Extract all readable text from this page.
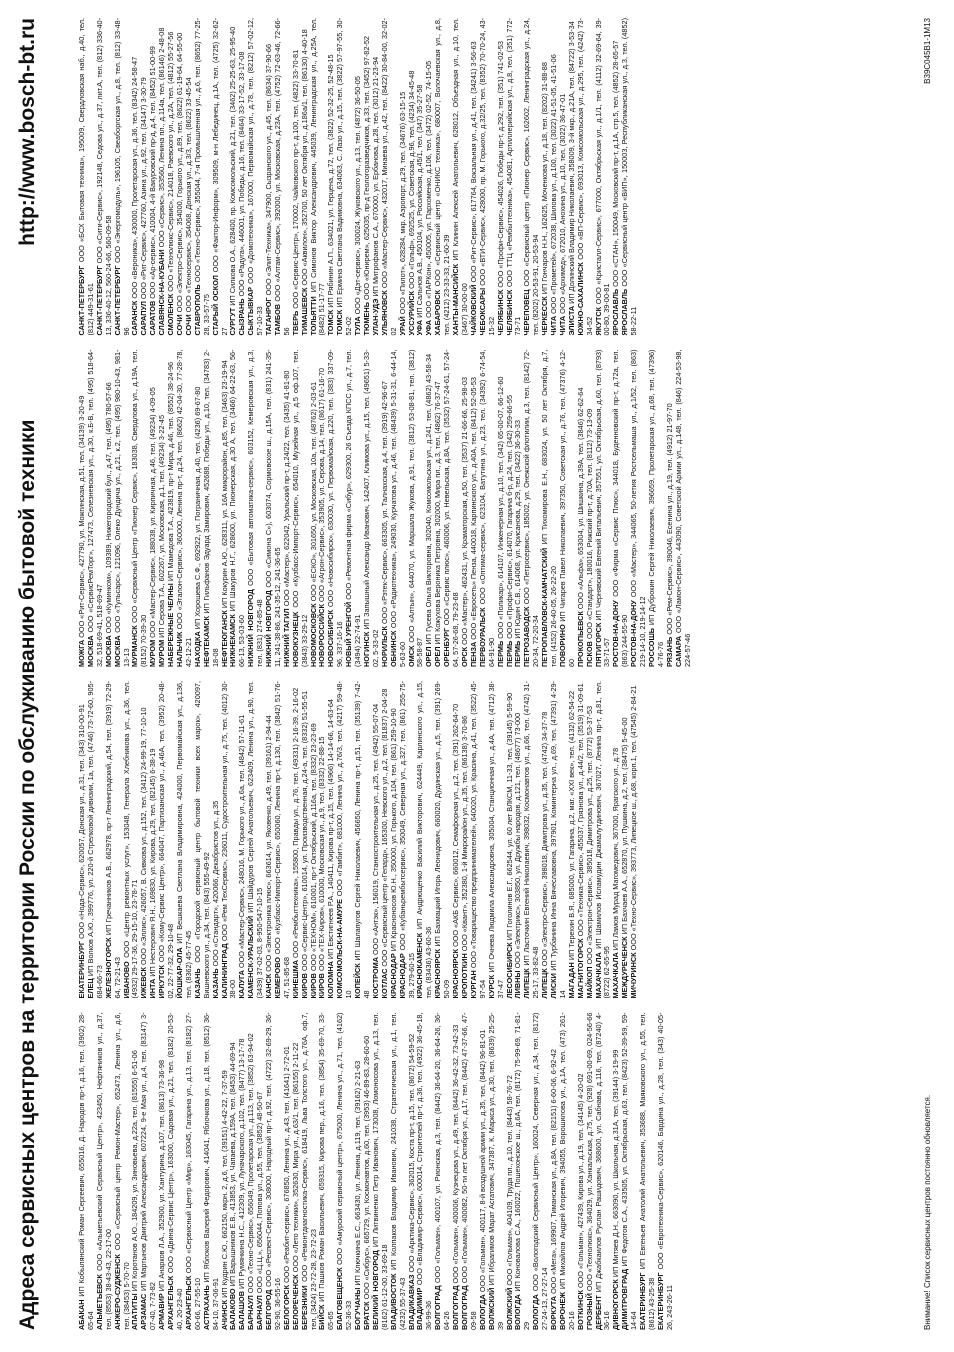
Адреса сервисных центров на территории России по обслуживанию бытовой техники
http://www.bosch-bt.ru

АБАКАН ИП Кобылянский Роман Сергеевич, 655016, Д. Народов пр-т, д.16, тел. (3902) 28-65-64 АЛЬМЕТЬЕВСК ООО «Альметьевский Сервисный Центр», 423450, Нефтяников ул., д.37, тел. (8553) 38-43-43, 22-17-00 АНЖЕРО-СУДЖЕНСК ООО «Сервисный центр Ремон-Мастер», 652473, Ленина ул., д.6, тел. (38453) 5-70-70 АПАТИТЫ ИП Коротанов А.Ю., 184209, ул. Зиновьева, д.22а, тел. (81555) 6-51-06

АРЗАМАС ИП Мартынов Дмитрий Александрович, 607224, 9-е Мая ул., д.4, тел. (83147) 3-07-40, 7-73-82 АРМАВИР ИП Анарков Л.А., 352900, ул. Хантурина, д.107, тел. (8613) 73-36-98

АРХАНГЕЛЬСК ООО «Двина-Сервис Центр», 163000, Садовая ул., д.21, тел. (8182) 20-53-40, 20-23-40 АРХАНГЕЛЬСК ООО «Сервисный Центр «Мир», 163045, Гагарина ул., д.13, тел. (8182) 27-60-66, 27-55-10 АСТРАХАНЬ ИП Яблоков Валерий Федорович, 414041, Яблочкова ул., д.18, тел. (8512) 36-84-10, 37-06-91 АЧИНСК ИП Кудрин С.Ю., 662150, мкрн. 2, д.6, тел. (39151) 4-42-22, 7-37-59

БАЛАКОВО ИП Варышников Е.В., 413853, ул. Чапаева, д.159А, тел. (8453) 44-69-94

БАЛАШОВ ИП Румянкина Н.С., 412309, ул. Луначарского, д.102, тел. (8477) 13-17-78

БАРНАУЛ ООО «Техно-Сервис», 656049, Пролетарская ул., д.113, тел. (3852) 63-94-02

БАРНАУЛ ООО «Ц.Ц.», 656044, Попова ул., д.55, тел. (3852) 48-50-67

БЕЛГОРОД ООО «Респект-Сервис», 308000, Народный пр-т, д.92, тел. (4722) 32-69-29, 36-92-90, 36-55-16 БЕЛОГОРСК ООО «Реабит-сервис», 676850, Ленина ул., д.43, тел. (41641) 2-72-01

БЕЛОРЕЧЕНСК ООО «Лето техники», 352630, Мира ул., д.63/1, тел. (86155) 2-11-22

БЕРЕЗНИКИ ООО «Ремонтдиагностика-Сервис», 618419, Льва Толстого ул., д.76А, оф.7, тел. (3424) 23-72-28, 23-72-23 БИЙСК ИП Пашков Роман Васильевич, 659315, Кирова пер., д.16, тел. (3854) 35-69-70, 33-65-65 БЛАГОВЕЩЕНСК ООО «Амурский сервисный центр», 675000, Ленина ул., д.71, тел. (4162) 52-36-33 БОГУЧАНЫ ИП Ключкина Е.С., 663430, ул. Ленина, д.119, тел. (39162) 2-21-63

БРАТСК ООО «Сибрус», 665729, ул. Космонавтов, д.60, тел. (3953) 46-89-83, 28-60-60 ВЕЛИКИЙ НОВГОРОД ИП Литвиненко Петр Иванович, 173008, Ломоносова ул., д.13, тел. (8162) 61-12-00, 33-69-18 ВЛАДИВОСТОК ИП Колпаков Владимир Иванович, 241038, Стратегическая ул., д.1, тел. (4232) 55-37-43 ВЛАДИКАВКАЗ ООО «Арктика-Сервис», 362015, Коста пр-т, д.15, тел. (8672) 54-59-52

ВЛАДИМИР ООО «Владимир-Сервис», 600014, Строителей пр-т, д.36, тел. (4922) 36-45-18, 36-99-36 ВОЛГОГРАД ООО «Гольман», 400107, ул. Рионская, д.3, тел. (8442) 36-64-20, 36-64-26, 36-64-26 ВОЛГОГРАД ООО «Гольман», 400006, Кузнецова ул., д.49, тел. (8442) 36-42-32, 73-42-33

ВОЛГОГРАД ООО «Гольман», 400082, 50-ти лет Октября ул., д.17, тел. (8442) 47-37-66, 47-09-58 ВОЛОГДА ООО «Гольман», 400117, 8-й воздушной армии ул., д.35, тел. (8442) 96-81-01

ВОЛЖСКИЙ ИП Ибрагимов Марат Асгатович, 347387, К. Маркса ул., д.30, тел. (8639) 25-25-39 ВОЛЖСКИЙ ООО «Гольман», 404109, Труда пл., д.10, тел. (8443) 58-76-72

ВОЛОГДА ИП Коновалова С.А., 160022, Пошехонское ш., д.6А, тел. (8172) 75-99-69, 71-81-29 ВОЛОГДА ООО «Вологодский Сервисный Центр», 160024, Северная ул., д.34, тел. (8172) 27-24-13, 27-27-14 ВОРКУТА ООО «Мега», 169907, Тиманская ул., д.8А, тел. (82151) 6-60-06, 6-92-42

ВОРОНЕЖ ИП Михайлов Андрей Игоревич, 394055, Ворошилова ул., д.1А, тел. (473) 261-20-16 ВОТКИНСК ООО «Гольман», 427439, Кирова ул., д.19, тел. (34145) 4-20-02

ГРОЗНЫЙ ООО «Технолюкс», 364029, ул. Ханкальская, д.75, тел. (928) 691-00-69, 024-56-66

ДЕРБЕНТ ИП Джабкаилов Руслан Рашидович, 368600, ул. Сабнава, д.116, тел. (87240) 4-36-16 ДИВНОГОРСК ИП Митяев Д.Н., 663090, ул. Школьная, д.31А, тел. (39144) 3-19-99

ДИМИТРОВГРАД ИП Федотов С.А., 433505, ул. Октябрьская, д.63, тел. (8423) 52-39-59, 59-14-64 ЕКАТЕРИНБУРГ ИП Евгеньев Анатолий Анатольевич, 353688, Маяковского ул., д.55, тел. (8612) 43-25-38 ЕКАТЕРИНБУРГ ООО «Евротехника-Сервис», 620146, Бардина ул., д.28, тел. (343) 40-05-26, 243-26-11

ЕКАТЕРИНБУРГ ООО «Нода-Сервис», 620057, Донская ул., д.31, тел. (343) 310-00-91

ЕЛЕЦ ИП Волков А.Ю., 399776, ул. 220-й Стрелковой дивизии, 1а, тел. (4746) 73-72-60, 905-684-66-73 ЖЕЛЕЗНОГОРСК ИП Гречанников А.В., 662978, пр-т Ленинградский, д.54, тел. (3919) 72-29-64, 72-21-43 ИВАНОВО ООО «Центр ремонтных услуг», 153048, Генерала Хлебникова ул., д.36, тел. (4932) 29-17-36, 29-15-10, 23-78-71 ИЖЕВСК ООО «Эллис», 426057, В. Сивкова ул., д.152, тел. (3412) 24-99-19, 77-10-10

ИНТА ИП Нестерович Я.Н., 169830, ул. Кирова, д.29, тел. (82145) 6-38-19

ИРКУТСК ООО «Кому-Сервис Центр», 664047, Партизанская ул., д.46А, тел. (3952) 20-48-02, 22-77-32, 29-10-48 ЙОШКАР-ОЛА ИП Вешкаева Светлана Владимировна, 424000, Первомайская ул., д.136, тел. (8362) 45-77-45 КАЗАНЬ ООО «Городской сервисный центр бытовой техники всех марок», 420097, Вишневского ул., д.34, тел. (843) 555-49-92 КАЗАНЬ ООО «Стандарт», 420066, Декабристов ул., д.35

КАЛИНИНГРАД ООО «Рем ТехСервис», 236011, Судостроительная ул., д.75, тел. (4012) 30-38-00 КАЛУГА ООО «Мастер-Сервис», 248016, М. Горького ул., д.6а, тел. (4842) 57-11-61 КАМЕНСК-УРАЛЬСКИЙ ИП Шайдуров Сергей Анатольевич, 623409, Ленина ул., д.90, тел. (3439) 37-02-03, 8-950-547-10-15 КАНСК ООО «Электроника плюс», 663614, ул. Яковенко, д.49, тел. (39161) 2-94-44

КЕМЕРОВО ООО «Кузбасс-Импорт-Сервис», 650060, Ленина пр-т, д.130, тел. (3842) 51-76-47, 51-85-68 КИНЕШМА ООО «Рембыттехника», 155800, Правды ул., д.76, тел. (49331) 2-16-39, 2-16-02

КИРОВ ООО «Сервис-Центр», 610014, ул. Производственная, д.24-а, тел. (8332) 51-55-51

КИРОВ ООО «ТЕХНОМ», 610001, пр-т Октябрьский, д.116а, тел. (8332) 23-23-69

КИРОВ ООО «ТЕХ-Киров», 610000, Московская ул., д.9, тел. (8332) 22-88-15

КОЛОМНА ИП Евстигнеев Р.А., 140411, Кирова пр-т, д.15, тел. (4966) 14-14-66, 14-63-64 КОМСОМОЛЬСК-НА-АМУРЕ ООО «Гамбит», 681000, Ленина ул., д.76/3, тел. (4217) 59-48-10 КОПЕЙСК ИП Шалапугов Сергей Николаевич, 456650, Ленина пр-т, д.51, тел. (35139) 7-42-48 КОСТРОМА ООО «Антэк», 156019, Станкостроительная ул., д.25, тел. (4942) 55-07-04

КОТЛАС ООО «Сервисный центр «Гепард», 165300, Невского ул., д.2, тел. (81837) 2-04-28

КРАСНОДАР ИП Красноносов Ю.Н., 350000, ул. Горького, д.104, тел. (861) 259-10-90

КРАСНОДАР ООО «Кубаньрембытсервис», 350049, Северная ул., д.327, тел. (861) 255-75-39, 279-60-15 КРАСНОКАМЕНСК ИП Андрющенко Василий Викторович, 624449, Карлинского ул., д.15, тел. (83436) 43-60-36 КРАСНОЯРСК ИП Бахмацкий Игорь Леонидович, 660020, Дудинская ул., д.5, тел. (391) 269-50-09 КРАСНОЯРСК ООО «АКБ Сервис», 660012, Семафорная ул., д.2, тел. (391) 262-64-70

КРОПОТКИН ООО «Квант», 352380, 1-й Микрорайон ул., д.35, тел. (86138) 3-70-86

КУРГАН ООО «Товарищество предпринимателей», 640020, ул. Красина, д.41, тел. (3522) 45-97-54 КУРСК ИП Очнева Людмила Александровна, 305004, Станционная ул., д.4А, тел. (4712) 38-37-47 ЛЕСОСИБИРСК ИП Гоголинов Е.Г., 662544, ул. 60 лет ВЛКСМ, 11-33, тел. (39145) 5-59-90

ЛИВНЫ ООО «Электрикс», 303850, ул. Дружбы народов, д.121, тел. (48677) 73-000

ЛИПЕЦК ИП Ласточкин Евгений Николаевич, 398032, Космонавтов ул., д.66, тел. (4742) 31-25-17, 33-82-48 ЛИПЕЦК ООО «Электро-Сервис», 398018, Димитрова ул., д.35, тел. (4742) 34-37-78

ЛИСКИ ИП Турбанина Инна Вячеславовна, 397901, Коминтерна ул., д.69, тел. (47391) 4-29-14 МАГАДАН ИП Терехин В.Я., 685000, ул. Гагарина, д.2, маг. «XXI век», тел. (4132) 62-54-22

МАГНИТОГОРСК ООО «Техника-Сервис», 455037, Грязнова ул., д.44/2, тел. (3519) 31-09-61

МАЙКОП ООО «Электрон-Сервис», 385018, Димитрова ул., д.25, тел. (8772) 53-37-53

МАХАЧКАЛА ИП Шамилов Исламудин Джамалутдинович, 367027, Ленина пр-т, д.81, тел. (8722) 62-65-95 МАХАЧКАЛА ИП Ламов Мурад Магомедович, 367000, Ярагского ул., д.78

МЕЖДУРЕЧЕНСК ИП Бахчаев А.А., 652870, ул. Пушкина, д.2, тел. (38475) 5-45-00

МИЧУРИНСК ООО «Техно-Сервис», 393773, Липецкое ш., д.68, корп.1, тел. (47545) 2-84-21

МОЖГА ООО «Рит-Сервис», 427790, ул. Можгинская, д.51, тел. (34139) 3-20-49

МОСКВА ООО «СервисРемТорг», 127473, Селезневская ул., д.30, к.Б-В, тел. (495) 518-64-32, 518-69-41, 518-69-47 МОСКВА ООО «Куминком», 109389, Нижегородский бул., д.47, тел. (495) 780-57-66

МОСКВА ООО «Тульсарс», 121096, Олеко Дундича ул., д.21, к.2, тел. (495) 980-10-43, 981-13-13 МУРМАНСК ООО «Сервисный Центр «Пионер Сервис», 183038, Свердлова ул., д.19А, тел. (8152) 70-39-30 МУРОМ ООО «Мастер-Сервис», 188038, ул. Кирпичная, д.46, тел. (49234) 4-09-05

МУРОМ ИП Серова Т.А., 602267, ул. Московская, д.1, тел. (49234) 3-22-45 НАБЕРЕЖНЫЕ ЧЕЛНЫ ИП Мамедова Т.А., 423819, пр-т Мира, д.46, тел. (8552) 38-24-96

НАЛЬЧИК ООО «Эталон-Сервис», 360000, Ленина пр-т, д.24, тел. (8662) 42-04-30, 77-28-78, 42-12-21 НАХОДКА ИП Хорошева С.Ф., 692922, ул. Пограничная, д.40, тел. (4236) 69-67-80

НЕФТЕКАМСК ИП Гильфанов Эдуард Замирович, 452688, Победы ул., д.10, тел. (34783) 2-18-08 НЕФТЕЮГАНСК ИП Кокурин А.Ю., 628311, ул. 16А микрорайон, д.85, тел. (3463) 23-19-94

НИЖНЕКАМСК ИП Шакуров Н.Г., 628600, ул. Пионерская, д.30 А, тел. (3466) 64-22-63, 56-66-13, 53-03-60 НИЖНИЙ НОВГОРОД ООО «Бытовая автоматика-сервис», 603152, Кемеровская ул., д.3, тел. (831) 274-85-48 НИЖНИЙ НОВГОРОД ООО «Симона С»), 603074, Сормовское ш., д.15А, тел. (831) 241-35-11, 241-38-86, 241-35-12, 241-36-65 НИЖНИЙ ТАГИЛ ООО «Мастер», 622042, Уральский пр-т, д.24/22, тел. (3435) 41-81-80

НОВОКУЗНЕЦК ООО «Кузбасс-Импорт-Сервис», 654010, Музейная ул., д.5 оф.107, тел. (3843) 33-29-12 НОВОМОСКОВСК ООО «ЕСКО», 301650, ул. Московская, 10а, тел. (48762) 2-03-61

НОВОРОССИЙСК ООО «Агрон-Сервис», 353905, ул. Серова, д.14, тел. (8617) 61-16-70

НОВОСИБИРСК ООО «Новосибирск», 630030, ул. Первомайская, д.220, тел. (383) 337-09-96, 337-16-16 НОВЫЙ УРЕНГОЙ ООО «Ремонтная фирма «Сибур», 629300, 26 Съезда КПСС ул., д.7, тел. (3494) 22-74-91 НОГИНСК ИП Запышный Александр Иванович, 142407, Климова ул., д.15, тел. (49651) 5-33-02, 5-33-02 НОРИЛЬСК ООО «Рэтек-Сервис», 663305, ул. Талнахская, д.4, тел. (3919) 42-96-67

ОБНИНСК ООО «Радиотехника», 249030, Курчатова ул., д.46, тел. (48439) 5-31-31, 6-44-14, 5-63-60 ОМСК ООО «Алтын», 644070, ул. Маршала Жукова, д.91, тел. (3812) 53-08-81, тел. (3812) 58-58-87 ОРЕЛ ИП Гусева Ольга Викторовна, 302040, Комсомольская ул., д.241, тел. (4862) 43-58-34

ОРЕЛ ИП Кожухова Вероника Петровна, 302000, Мира пл., д.3, тел. (4862) 76-37-47

ОРЕНБУРГ ООО «Сервис плюс», 460006, ул. Невельская, д.8А, тел. (3532) 57-24-61, 57-24-64, 57-26-68, 79-23-68 ОРСК ООО «Мастер», 462431, ул. Краматорская, д.50, тел. (3537) 21-66-66, 25-98-03

ПЕНЗА ООО «Евросеть» Пенза, 440018, Карпинского ул., д.40А, тел. (8412) 52-05-53 ПЕРВОУРАЛЬСК ООО «Оптима-сервис», 623104, Ватутина ул., д.23, тел. (34392) 6-74-54, 64-91-90 ПЕРМЬ ООО «Поликар», 614107, Инженерная ул., д.10, тел. (342) 65-00-07, 66-12-60

ПЕРМЬ ООО «Профи-Сервис», 614070, Гагарина б-р, д.24, тел. (342) 259-66-55

ПЕРМЬ ИП Юдин С.В., 614068, ул. Крисанова, д.29, тел. (3422) 36-30-33 ПЕТРОЗАВОДСК ООО «Петросервис», 185002, ул. Онежской флотилии, д.3, тел. (8142) 72-20-34, 72-20-34 ПЕТРОПАВЛОВСК-КАМЧАТСКИЙ ИП Тихомирова Е.Н., 683024, ул. 50 лет Октября, д.7, тел. (4152) 26-40-05, 26-22-20 ПОВОРИНО ИП Чигарев Павел Николаевич, 397350, Советская ул., д.76, тел. (47376) 4-12-60 ПРОКОПЬЕВСК ООО «Альфа», 653004, ул. Шишкина, д.39А, тел. (3846) 62-62-64

ПСКОВ ООО «Стандарт», 180016, Рижский пр-т, д.70А, тел. (8112) 73-13-09

ПЯТИГОРСК ИП Чернявский Евгений Витальевич, 357551, ул. Октябрьская, д.60, тел. (8793) 33-71-57 РОСТОВ-НА-ДОНУ ООО «Фирма «Сервис Плюс», 344018, Буденновский пр-т, д.72а, тел. (863) 244-55-90 РОСТОВ-НА-ДОНУ ООО «Мастер», 344065, 50-летия Ростсельмаша ул., д.1/52, тел. (863) 219-14-10, 219-14-12 РОССОШЬ ИП Дуброкин Сергей Николаевич, 396659, Пролетарская ул., д.68, тел. (47396) 4-76-76 РЯЗАНЬ ООО «Рем-Сервис», 390046, Есенина ул., д.19, тел. (4912) 21-97-70

САМАРА ООО «Ламон-Сервис», 443090, Советской Армии ул., д.148, тел. (846) 224-53-98, 224-57-46

САНКТ-ПЕТЕРБУРГ ООО «БСХ Бытовая техника», 195009, Свердловская наб., д.40, тел. (812) 449-31-61 САНКТ-ПЕТЕРБУРГ ООО «Сити-Сервис», 192148, Седова ул., д.37, лит.А, тел. (812) 336-40-13, 336-40-12, 560-24-66, 560-09-58 САНКТ-ПЕТЕРБУРГ ООО «Энергомодуль», 196105, Свеаборгская ул., д.8, тел. (812) 33-48-96 САРАНСК ООО «Вероника», 430000, Пролетарская ул., д.36, тел. (8342) 24-58-47

САРАПУЛ ООО «Рит-Сервис», 427760, Азина ул., д.92, тел. (34147) 3-30-79

САРАТОВ ООО «Ар-сервис», 410004, 4-й Вакуровский пр-д, д.4, тел. (8452) 51-00-99 СЛАВЯНСК-НА-КУБАНИ ООО «Сервис», 353560, Ленина пл., д.114а, тел. (86146) 2-48-08

СМОЛЕНСК ООО «Технолюкс-Сервис», 214018, Раевского ул., д.2А, тел. (4812) 55-27-56

СОЧИ ООО «Электро-Сервис», 354000, Горького ул., д.89, тел. (8622) 61-19-64, 64-55-00

СОЧИ ООО «Техносервис», 354068, Донская ул., д.3/3, тел. (8622) 33-45-54 СТАВРОПОЛЬ ООО «Техно-Сервис», 355044, 7-я Промышленная ул., д.6, тел. (8652) 77-25-28, 33-57-75 СТАРЫЙ ОСКОЛ ООО «Фактор-Информ», 309509, м-н Лебединец, д.1А, тел. (4725) 32-62-27 СУРГУТ ИП Силкова О.А., 628400, пр. Комсомольский, д.21, тел. (3462) 25-25-63, 25-95-40

СЫЗРАНЬ ООО «Радуга», 446001, ул. Победы, д.16, тел. (8464) 33-17-52, 33-17-08

СЫКТЫВКАР ООО «Домотехника», 167000, Первомайская ул., д.78, тел. (8212) 57-02-12, 57-10-33 ТАГАНРОГ ООО «Элит-Техника», 347900, Сызранского ул., д.45, тел. (8634) 37-90-66

ТАМБОВ ООО «Алтам-Сервис», 392000, ул. Московская, д.23А, тел. (4752) 72-63-46, 72-66-56 ТВЕРЬ ООО «Сервис-Центр», 170002, Чайковского пр-т, д.100, тел. (4822) 33-70-81

ТИМАШЕВСК ООО «Аквилон», 352700, 50 лет Октября ул., д.186а/1, тел. (86130) 4-40-18

ТОЛЬЯТТИ ИП Симонов Виктор Александрович, 445039, Ленинградская ул., д.25А, тел. (8482) 51-17-77 ТОМСК ИП Рябинин А.П., 634021, ул. Герцена, д.72, тел. (3822) 52-32-25, 52-48-15

ТОМСК ИП Ермина Светлана Вадимовна, 634063, С. Лазо ул., д.15, тел. (3822) 57-97-55, 30-52-02 ТУЛА ООО «Дэт-сервис», 300024, Жуковского ул., д.13, тел. (4872) 36-50-05

ТЮМЕНЬ ООО «Юнирем», 625035, пр-д Геологоразведчиков, д.33, тел. (3452) 97-82-52

УЛАН-УДЭ ИП Митрофанов С.А., 670000, ул. Ербанова, д.28, тел. (3012) 21-23-94

УЛЬЯНОВСК ООО «Мастер-Сервис», 432017, Минаева ул., д.42, тел. (8422) 30-84-00, 32-02-02 УРАЙ ООО «Пилот», 628284, мкр. Аэропорт, д.29, тел. (34676) 63-15-15 УССУРИЙСК ООО «Гольф», 692525, ул. Советская, д.96, тел. (4234) 34-45-48

УФА ИП Сальнов А.В., 450104, ул. Российская, д.45/1, тел. (347) 35-27-58

УФА ООО «ПАРКон», 450005, ул. Пархоменко, д.106, тел. (3472) 02-52, 74-15-05 ХАБАРОВСК ООО «Сервисный центр «ОНИКС техника», 680007, Волочаевская ул., д.8, тел. (4212) 23-33-33, 21-60-39 ХАНТЫ-МАНСИЙСК ИП Клинин Алексей Анатольевич, 628012, Объездная ул., д.10, тел. (3467) 30-00-00 ЧАЙКОВСКИЙ ООО «Рит-Сервис», 617764, Вокзальная ул., д.41, тел. (34241) 3-56-63

ЧЕБОКСАРЫ ООО «ВТИ-Сервис», 428000, пр. М. Горького, д.32/25, тел. (8352) 70-70-24, 43-15-32 ЧЕЛЯБИНСК ООО «Профи-Сервис», 454026, Победы пр-т, д.292, тел. (351) 741-02-53

ЧЕЛЯБИНСК ООО ТТЦ «Рембыттехника», 454081, Артиллерийская ул., д.8, тел. (351) 772-73-71 ЧЕРЕПОВЕЦ ООО «Сервисный центр «Пионер Сервис», 162602, Ленинградская ул., д.24, тел. (8202) 20-53-91, 20-53-94 ЧЕРКЕССК ИП Гончаров Н.Н., 162625, Моченкова ул., д.18, тел. (8202) 31-88-88

ЧИТА ООО «Прометей», 672038, Шилова ул., д.100, тел. (3022) 41-51-05, 41-51-06

ЧИТА ООО «Архимед», 672010, Анохина ул., д.10, тел. (3022) 36-47-01

ЭЛИСТА ИП Долинский Владимир Николаевич, 358009, 3-й мкр., д.21А, тел. (84722) 3-53-34 ЮЖНО-САХАЛИНСК ООО «ВП-Сервис», 693013, Комсомольская ул., д.295, тел. (4242) 73-34-52 ЯКУТСК ООО «Кристалл-Сервис», 677000, Октябрьская ул., д.1/1, тел. (4112) 32-69-64, 39-00-80, 39-00-81 ЯРОСЛАВЛЬ ООО «СТАН», 150049, Московский пр-т, д.1А, стр.5, тел. (4852) 28-65-57

ЯРОСЛАВЛЬ ООО «Сервисный центр «ВИП», 150003, Республиканская ул., д.3, тел. (4852) 58-22-11

Внимание! Список сервисных центров постоянно обновляется.
B39C045B1-1M13
